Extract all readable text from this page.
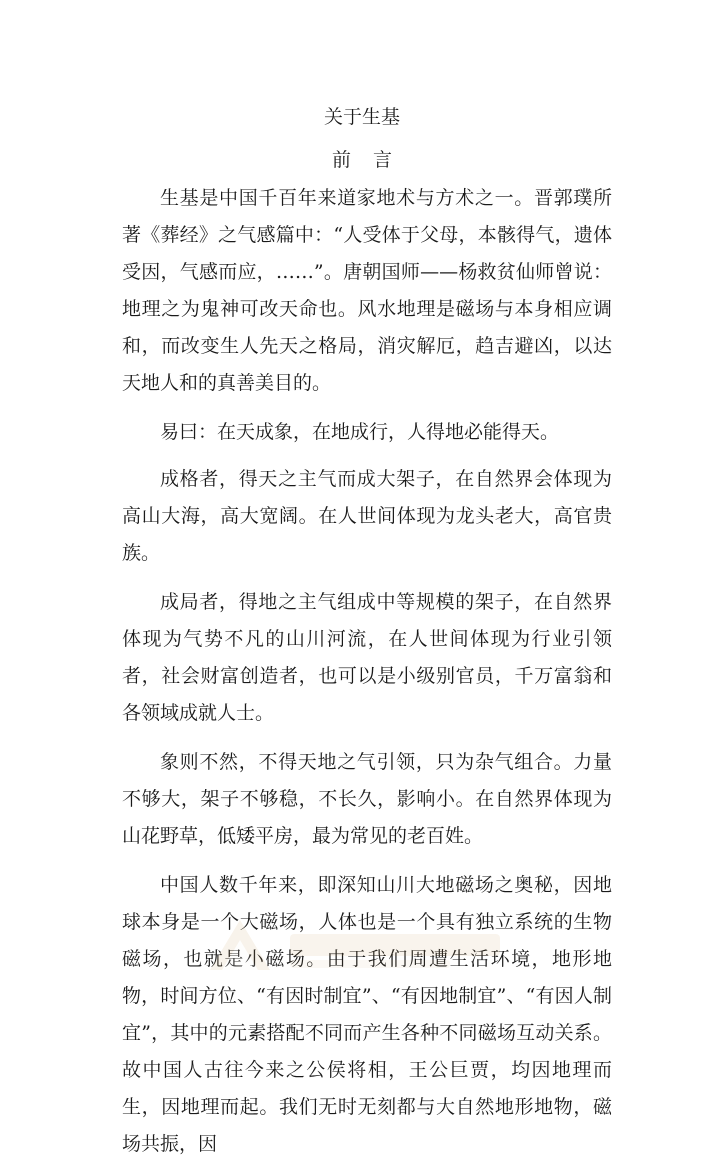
关于生基
前 言

生基是中国千百年来道家地术与方术之一。晋郭璞所著《葬经》之气感篇中：“人受体于父母，本骸得气，遗体受因，气感而应，……”。唐朝国师——杨救贫仙师曾说：地理之为鬼神可改天命也。风水地理是磁场与本身相应调和，而改变生人先天之格局，消灾解厄，趋吉避凶，以达天地人和的真善美目的。

易曰：在天成象，在地成行，人得地必能得天。

成格者，得天之主气而成大架子，在自然界会体现为高山大海，高大宽阔。在人世间体现为龙头老大，高官贵族。

成局者，得地之主气组成中等规模的架子，在自然界体现为气势不凡的山川河流，在人世间体现为行业引领者，社会财富创造者，也可以是小级别官员，千万富翁和各领域成就人士。

象则不然，不得天地之气引领，只为杂气组合。力量不够大，架子不够稳，不长久，影响小。在自然界体现为山花野草，低矮平房，最为常见的老百姓。

中国人数千年来，即深知山川大地磁场之奥秘，因地球本身是一个大磁场，人体也是一个具有独立系统的生物磁场，也就是小磁场。由于我们周遭生活环境，地形地物，时间方位、“有因时制宜”、“有因地制宜”、“有因人制宜”，其中的元素搭配不同而产生各种不同磁场互动关系。故中国人古往今来之公侯将相，王公巨贾，均因地理而生，因地理而起。我们无时无刻都与大自然地形地物，磁场共振，因
